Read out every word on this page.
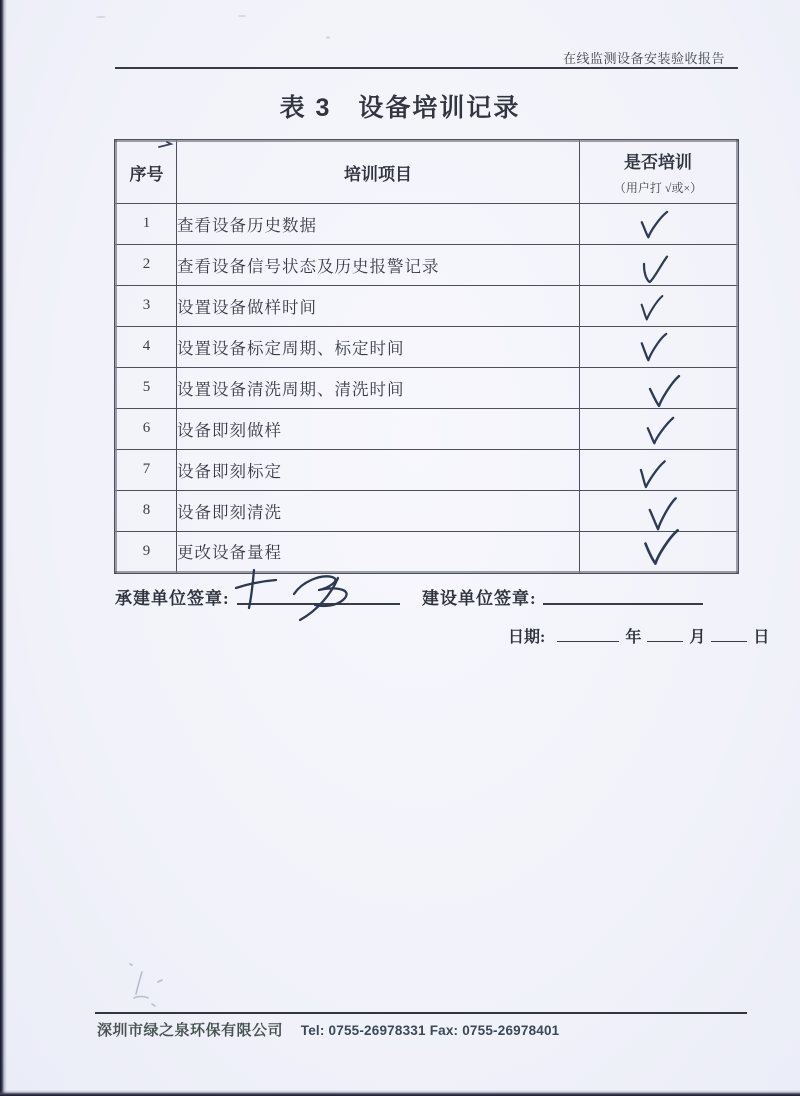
在线监测设备安装验收报告
表 3　设备培训记录
序号	培训项目	是否培训
（用户打 √或×）

1	查看设备历史数据	

2	查看设备信号状态及历史报警记录	

3	设置设备做样时间	

4	设置设备标定周期、标定时间	

5	设置设备清洗周期、清洗时间	

6	设备即刻做样	

7	设备即刻标定	

8	设备即刻清洗	

9	更改设备量程	
承建单位签章:	建设单位签章:
日期:	年	月	日
深圳市绿之泉环保有限公司 Tel: 0755-26978331 Fax: 0755-26978401
